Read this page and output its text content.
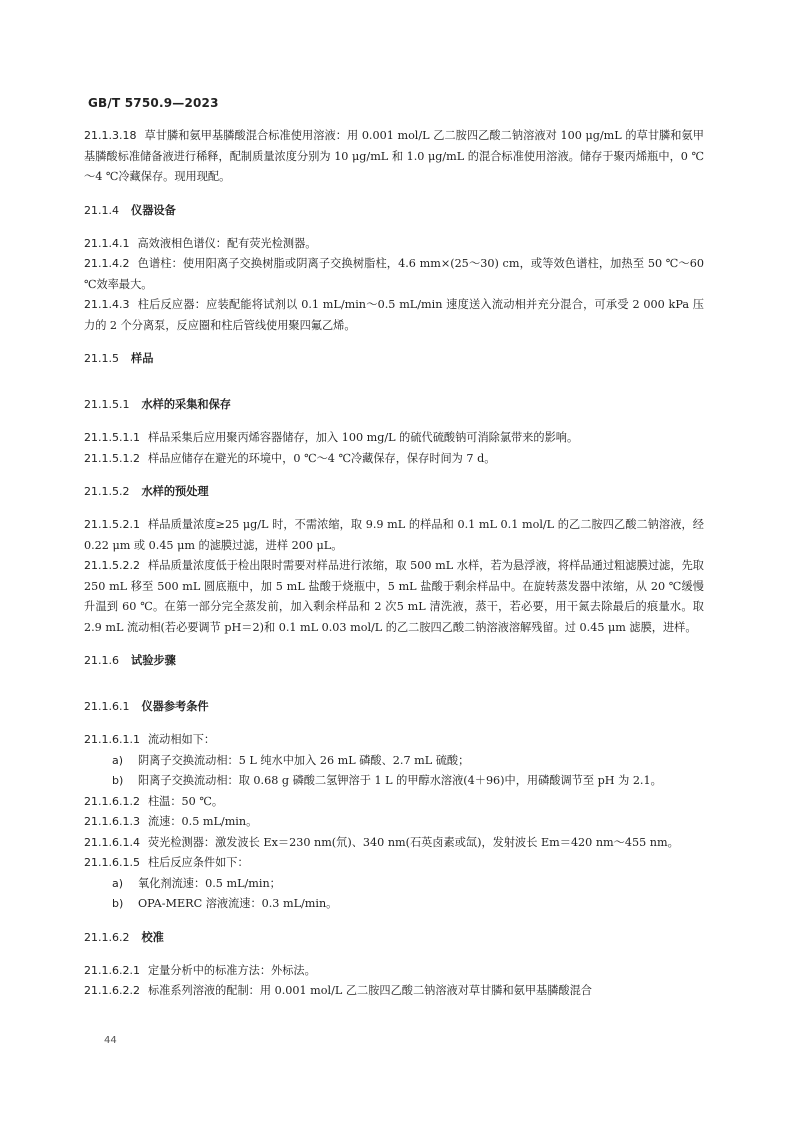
GB/T 5750.9—2023

21.1.3.18 草甘膦和氨甲基膦酸混合标准使用溶液：用 0.001 mol/L 乙二胺四乙酸二钠溶液对 100 μg/mL 的草甘膦和氨甲基膦酸标准储备液进行稀释，配制质量浓度分别为 10 μg/mL 和 1.0 μg/mL 的混合标准使用溶液。储存于聚丙烯瓶中，0 ℃～4 ℃冷藏保存。现用现配。

21.1.4 仪器设备

21.1.4.1 高效液相色谱仪：配有荧光检测器。

21.1.4.2 色谱柱：使用阳离子交换树脂或阴离子交换树脂柱，4.6 mm×(25～30) cm，或等效色谱柱，加热至 50 ℃～60 ℃效率最大。

21.1.4.3 柱后反应器：应装配能将试剂以 0.1 mL/min～0.5 mL/min 速度送入流动相并充分混合，可承受 2 000 kPa 压力的 2 个分离泵，反应圈和柱后管线使用聚四氟乙烯。

21.1.5 样品

21.1.5.1 水样的采集和保存

21.1.5.1.1 样品采集后应用聚丙烯容器储存，加入 100 mg/L 的硫代硫酸钠可消除氯带来的影响。

21.1.5.1.2 样品应储存在避光的环境中，0 ℃～4 ℃冷藏保存，保存时间为 7 d。

21.1.5.2 水样的预处理

21.1.5.2.1 样品质量浓度≥25 μg/L 时，不需浓缩，取 9.9 mL 的样品和 0.1 mL 0.1 mol/L 的乙二胺四乙酸二钠溶液，经 0.22 μm 或 0.45 μm 的滤膜过滤，进样 200 μL。

21.1.5.2.2 样品质量浓度低于检出限时需要对样品进行浓缩，取 500 mL 水样，若为悬浮液，将样品通过粗滤膜过滤，先取 250 mL 移至 500 mL 圆底瓶中，加 5 mL 盐酸于烧瓶中，5 mL 盐酸于剩余样品中。在旋转蒸发器中浓缩，从 20 ℃缓慢升温到 60 ℃。在第一部分完全蒸发前，加入剩余样品和 2 次5 mL 清洗液，蒸干，若必要，用干氮去除最后的痕量水。取 2.9 mL 流动相(若必要调节 pH＝2)和 0.1 mL 0.03 mol/L 的乙二胺四乙酸二钠溶液溶解残留。过 0.45 μm 滤膜，进样。

21.1.6 试验步骤

21.1.6.1 仪器参考条件

21.1.6.1.1 流动相如下：

a) 阴离子交换流动相：5 L 纯水中加入 26 mL 磷酸、2.7 mL 硫酸；

b) 阳离子交换流动相：取 0.68 g 磷酸二氢钾溶于 1 L 的甲醇水溶液(4＋96)中，用磷酸调节至 pH 为 2.1。

21.1.6.1.2 柱温：50 ℃。

21.1.6.1.3 流速：0.5 mL/min。

21.1.6.1.4 荧光检测器：激发波长 Ex＝230 nm(氘)、340 nm(石英卤素或氙)，发射波长 Em＝420 nm～455 nm。

21.1.6.1.5 柱后反应条件如下：

a) 氧化剂流速：0.5 mL/min；

b) OPA-MERC 溶液流速：0.3 mL/min。

21.1.6.2 校准

21.1.6.2.1 定量分析中的标准方法：外标法。

21.1.6.2.2 标准系列溶液的配制：用 0.001 mol/L 乙二胺四乙酸二钠溶液对草甘膦和氨甲基膦酸混合

44
